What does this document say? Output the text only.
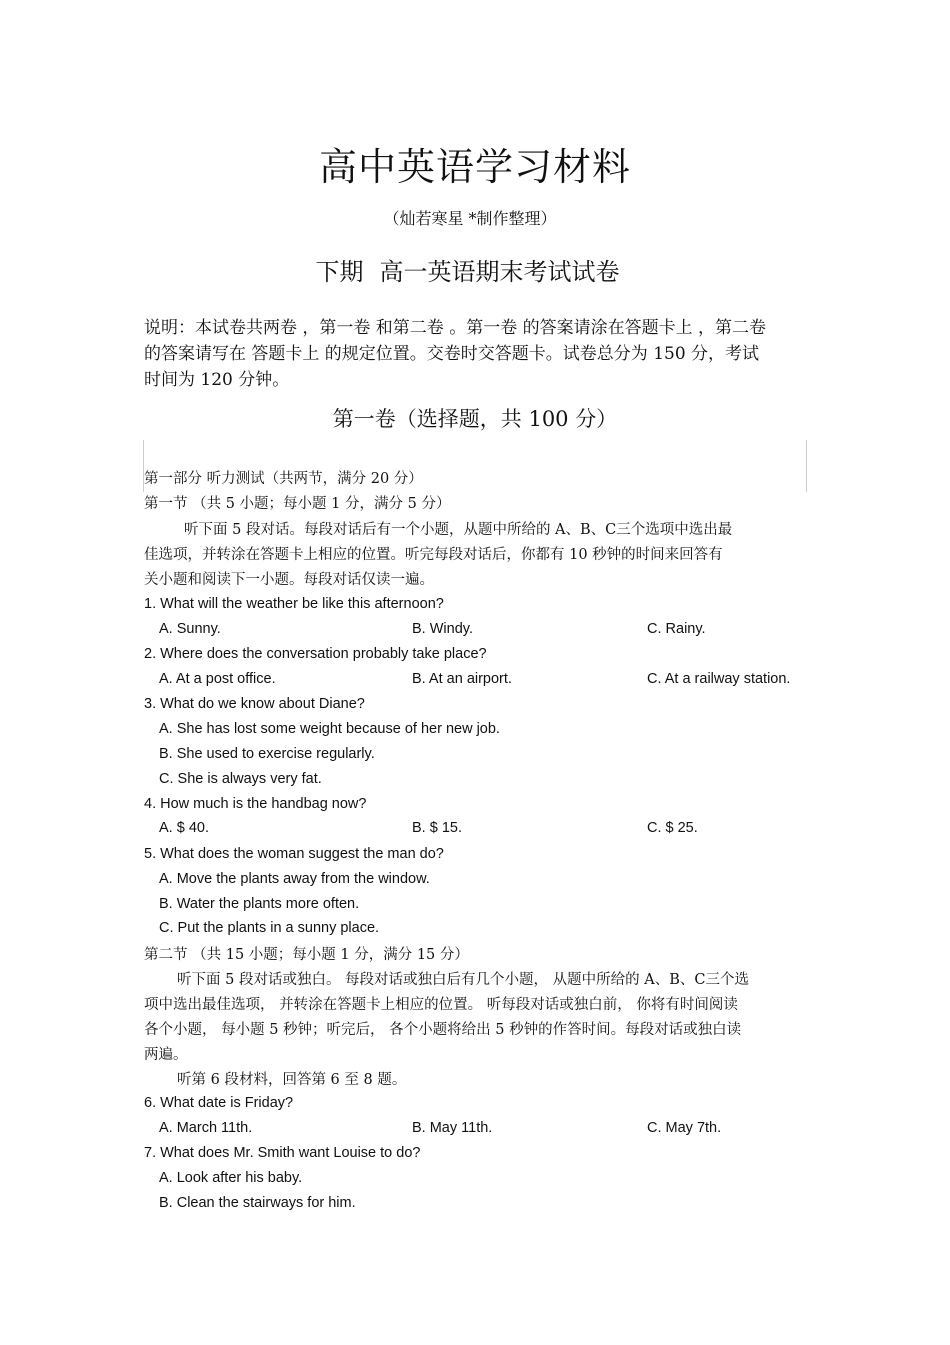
高中英语学习材料
（灿若寒星 *制作整理）
下期 高一英语期末考试试卷
说明：本试卷共两卷 ，第一卷 和第二卷 。第一卷 的答案请涂在答题卡上 ，第二卷
的答案请写在 答题卡上 的规定位置。交卷时交答题卡。试卷总分为 150 分，考试
时间为 120 分钟。
第一卷（选择题，共 100 分）
第一部分 听力测试（共两节，满分 20 分）
第一节 （共 5 小题；每小题 1 分，满分 5 分）
听下面 5 段对话。每段对话后有一个小题，从题中所给的 A、B、C三个选项中选出最
佳选项，并转涂在答题卡上相应的位置。听完每段对话后，你都有 10 秒钟的时间来回答有
关小题和阅读下一小题。每段对话仅读一遍。
1. What will the weather be like this afternoon?
A. Sunny.	B. Windy.	C. Rainy.
2. Where does the conversation probably take place?
A. At a post office.	B. At an airport.	C. At a railway station.
3. What do we know about Diane?
A. She has lost some weight because of her new job.
B. She used to exercise regularly.
C. She is always very fat.
4. How much is the handbag now?
A. $ 40.	B. $ 15.	C. $ 25.
5. What does the woman suggest the man do?
A. Move the plants away from the window.
B. Water the plants more often.
C. Put the plants in a sunny place.
第二节 （共 15 小题；每小题 1 分，满分 15 分）
听下面 5 段对话或独白。 每段对话或独白后有几个小题， 从题中所给的 A、B、C三个选
项中选出最佳选项， 并转涂在答题卡上相应的位置。 听每段对话或独白前， 你将有时间阅读
各个小题， 每小题 5 秒钟；听完后， 各个小题将给出 5 秒钟的作答时间。每段对话或独白读
两遍。
听第 6 段材料，回答第 6 至 8 题。
6. What date is Friday?
A. March 11th.	B. May 11th.	C. May 7th.
7. What does Mr. Smith want Louise to do?
A. Look after his baby.
B. Clean the stairways for him.
